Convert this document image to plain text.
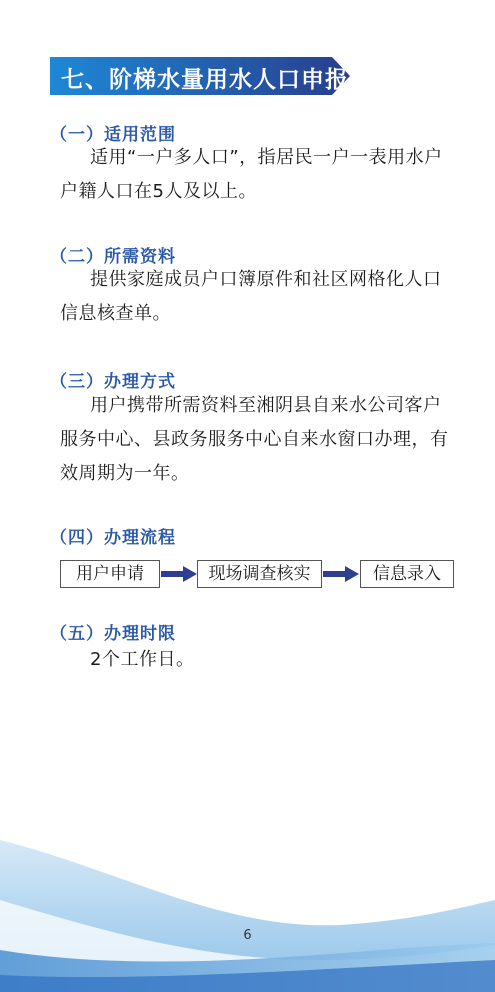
七、阶梯水量用水人口申报
（一）适用范围
适用“一户多人口”，指居民一户一表用水户户籍人口在5人及以上。
（二）所需资料
提供家庭成员户口簿原件和社区网格化人口信息核查单。
（三）办理方式
用户携带所需资料至湘阴县自来水公司客户服务中心、县政务服务中心自来水窗口办理，有效周期为一年。
（四）办理流程
用户申请	现场调查核实	信息录入
（五）办理时限
2个工作日。
6
